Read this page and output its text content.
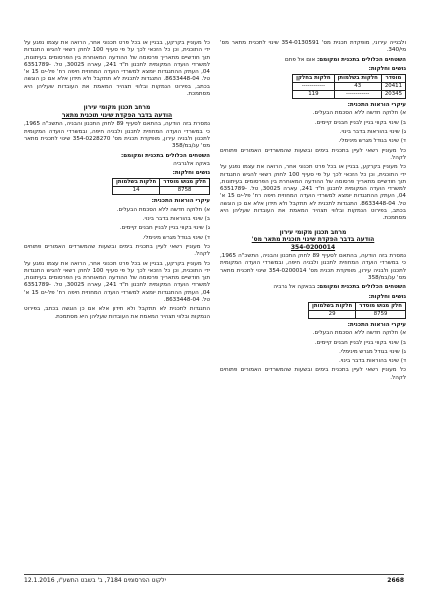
ולבנייה עירוני, מופקדת תכנית מס' 354-0130591 שינוי לתכנית מתאר מס' מי/340.

השטחים הכלולים בתכנית ומקומם: אום אל פחם

גושים וחלקות:

מוסדר	חלקות בשלמותן	חלקות בחלקן
20411	43	------------
20345	------------	119

עיקרי הוראות התכנית:

א) חלוקה חדשה ללא הסכמת הבעלים.

ב) שינוי בקווי בניין לבניין חבנים קיימים.

ג) שינוי בהוראות בדבר בינוי.

ד) שינוי בגודל מגרש מינימלי.

כל מעוניין רשאי לעיין בתכנית בימים ובשעות שהמשרדים האמורים פתוחים לקהל.

כל מעוניין בקרקע, בבניין או בכל פרט תכנוני אחר, הרואה את עצמו נפגע על ידי התוכנית, וכן כל הזכאי לכך על פי סעיף 100 לחוק רשאי להגיש התנגדות תוך חודשיים מתאריך פרסומה של ההודעה המאוחרת בין הפרסומים בעיתונות, למשרדי הועדה המקומית לתכנון ת"ד 241, עארה 30025, טל. 6351789-04, העתק ההתנגדות יומצא למשרדי הועדה המחוזית חיפה רח' פל-ים 15 א' טל. 8633448-04. התנגדות לתכנית לא תתקבל ולא תידון אלא אם כן הוגשה בכתב, בפירוט הנמקות ובלווי תצהיר המאמת את העובדות שעליהן היא מסתמכת.

מרחב תכנון מקומי עירון

הודעה בדבר הפקדת שינוי תוכנית מתאר מס'

354-0200014

נמסרת בזה הודעה, בהתאם לסעיף 89 לחוק התכנון והבניה, התשכ"ה 1965, כי במשרדי הועדה המחוזית לתכנון ולבניה חיפה, ובמשרדי הועדה המקומית לתכנון ולבניה עירון, מופקדת תכנית מס' 354-0200014 שינוי לתכנית מתאר מס' ענ/במ/358

השטחים הכלולים בתכנית ומקומם: בבאקה אל גרביה

גושים וחלקות:

חלק מגוש מוסדר	חלקות בשלמותן
8759	29

עיקרי הוראות התכנית:

א) חלוקה חדשה ללא הסכמת הבעלים.

ב) שינוי בקווי בניין לבניין חבנים קיימים.

ג) שינוי בגודל מגרש מינימלי.

ד) שינוי בהוראות בדבר בינוי.

כל מעוניין רשאי לעיין בתכנית בימים ובשעות שהמשרדים האמורים פתוחים לקהל.

כל מעוניין בקרקע, בבניין או בכל פרט תכנוני אחר, הרואה את עצמו נפגע על ידי התוכנית, וכן כל הזכאי לכך על פי סעיף 100 לחוק רשאי להגיש התנגדות תוך חודשיים מתאריך פרסומה של ההודעה המאוחרת בין הפרסומים בעיתונות, למשרדי הועדה המקומית לתכנון ת"ד 241, עארה 30025, טל. 6351789-04, העתק ההתנגדות יומצא למשרדי הועדה המחוזית חיפה רח' פל-ים 15 א' טל. 8633448-04. התנגדות לתכנית לא תתקבל ולא תידון אלא אם כן הוגשה בכתב, בפירוט הנמקות ובלווי תצהיר המאמת את העובדות שעליהן היא מסתמכת.

מרחב תכנון מקומי עירון

הודעה בדבר הפקדת שינוי תוכנית מתאר

נמסרת בזה הודעה, בהתאם לסעיף 89 לחוק התכנון והבניה, התשכ"ה 1965, כי במשרדי הועדה המחוזית לתכנון ולבניה חיפה, ובמשרדי הועדה המקומית לתכנון ולבניה עירון, מופקדת תכנית מס' 354-0228270 שינוי לתכנית מתאר מס' ענ/במ/358

השטחים הכלולים בתכנית ומקומם:

באקה אלגרביה

גושים וחלקות:

חלק מגוש מוסדר	חלקות בשלמותן
8758	14

עיקרי הוראות התכנית:

א) חלוקה חדשה ללא הסכמת הבעלים.

ב) שינוי בהוראות בדבר בינוי.

ג) שינוי בקווי בניין לבניין חבנים קיימים.

ד) שינוי בגודל מגרש מינימלי.

כל מעוניין רשאי לעיין בתכנית בימים ובשעות שהמשרדים האמורים פתוחים לקהל.

כל מעוניין בקרקע, בבניין או בכל פרט תכנוני אחר, הרואה את עצמו נפגע על ידי התוכנית, וכן כל הזכאי לכך על פי סעיף 100 לחוק רשאי להגיש התנגדות תוך חודשיים מתאריך פרסומה של ההודעה המאוחרת בין הפרסומים בעיתונות, למשרדי הועדה המקומית לתכנון ת"ד 241, עארה 30025, טל. 6351789-04, העתק ההתנגדות יומצא למשרדי הועדה המחוזית חיפה רח' פל-ים 15 א' טל. 8633448-04.

התנגדות לתכנית לא תתקבל ולא תידון אלא אם כן הוגשה בכתב, בפירוט הנמקות ובלווי תצהיר המאמת את העובדות שעליהן היא מסתמכת.

ילקוט הפרסומים 7184, ב' בשבט התשע"ו, 12.1.2016	2668
